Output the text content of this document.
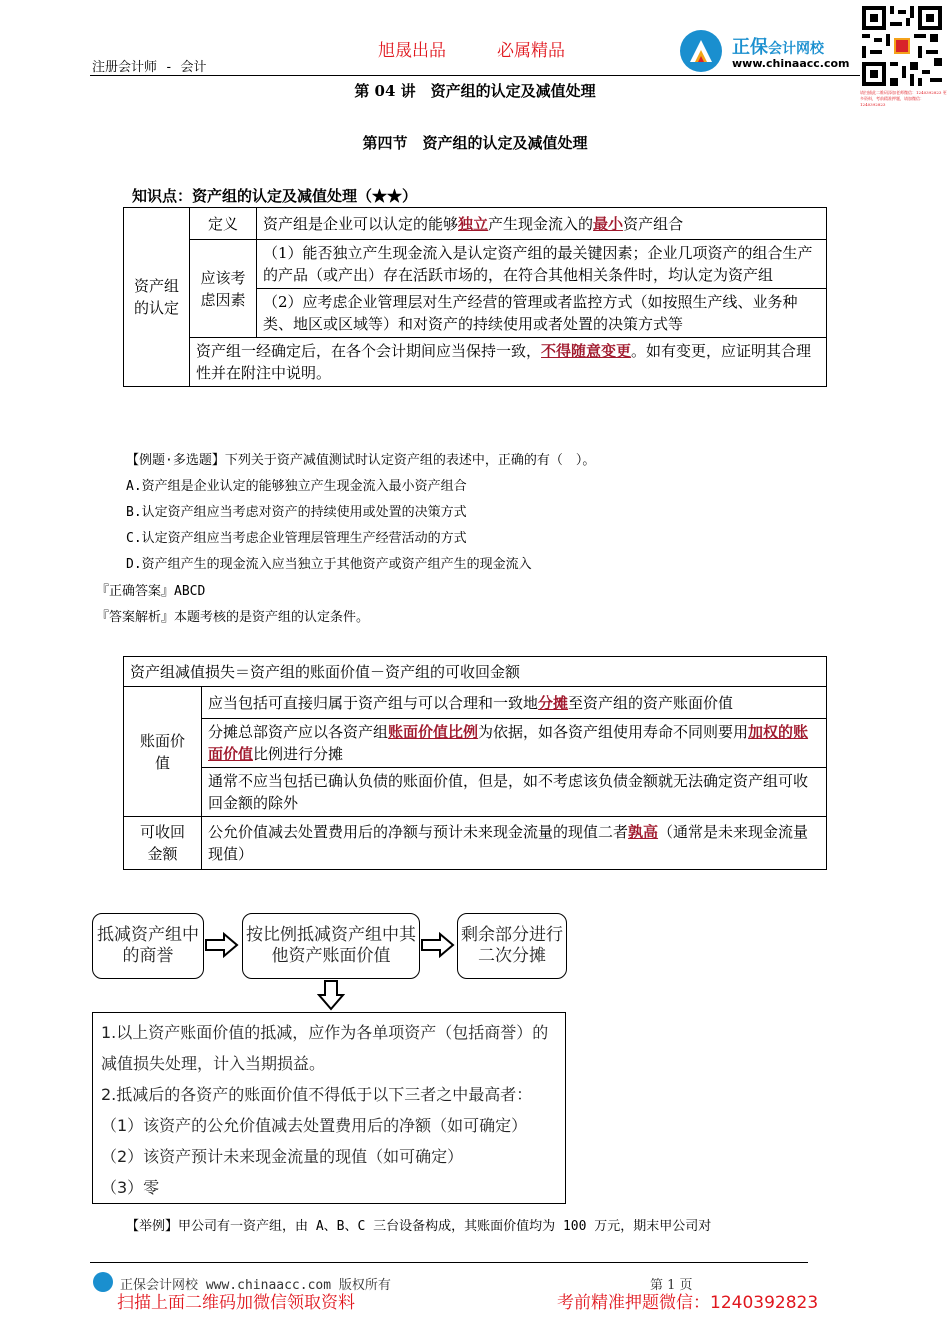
旭晟出品	必属精品
注册会计师 - 会计
正保会计网校
www.chinaacc.com
请扫描此二维码添加老师微信：1240392823 更多资料，考前精准押题，请加微信：1240392823
第 04 讲　资产组的认定及减值处理
第四节　资产组的认定及减值处理
知识点：资产组的认定及减值处理（★★）
资产组的认定	定义	资产组是企业可以认定的能够独立产生现金流入的最小资产组合
	应该考虑因素	（1）能否独立产生现金流入是认定资产组的最关键因素；企业几项资产的组合生产的产品（或产出）存在活跃市场的，在符合其他相关条件时，均认定为资产组
		（2）应考虑企业管理层对生产经营的管理或者监控方式（如按照生产线、业务种类、地区或区域等）和对资产的持续使用或者处置的决策方式等
	资产组一经确定后，在各个会计期间应当保持一致，不得随意变更。如有变更，应证明其合理性并在附注中说明。	
【例题·多选题】下列关于资产减值测试时认定资产组的表述中，正确的有（　）。
A.资产组是企业认定的能够独立产生现金流入最小资产组合
B.认定资产组应当考虑对资产的持续使用或处置的决策方式
C.认定资产组应当考虑企业管理层管理生产经营活动的方式
D.资产组产生的现金流入应当独立于其他资产或资产组产生的现金流入
『正确答案』ABCD
『答案解析』本题考核的是资产组的认定条件。
资产组减值损失＝资产组的账面价值－资产组的可收回金额	
账面价值	应当包括可直接归属于资产组与可以合理和一致地分摊至资产组的资产账面价值
	分摊总部资产应以各资产组账面价值比例为依据，如各资产组使用寿命不同则要用加权的账面价值比例进行分摊
	通常不应当包括已确认负债的账面价值，但是，如不考虑该负债金额就无法确定资产组可收回金额的除外
可收回金额	公允价值减去处置费用后的净额与预计未来现金流量的现值二者孰高（通常是未来现金流量现值）
抵减资产组中的商誉
按比例抵减资产组中其他资产账面价值
剩余部分进行二次分摊
1.以上资产账面价值的抵减，应作为各单项资产（包括商誉）的减值损失处理，计入当期损益。
2.抵减后的各资产的账面价值不得低于以下三者之中最高者：
（1）该资产的公允价值减去处置费用后的净额（如可确定）
（2）该资产预计未来现金流量的现值（如可确定）
（3）零
【举例】甲公司有一资产组，由 A、B、C 三台设备构成，其账面价值均为 100 万元，期末甲公司对
正保会计网校 www.chinaacc.com 版权所有	第 1 页
扫描上面二维码加微信领取资料	考前精准押题微信：1240392823
